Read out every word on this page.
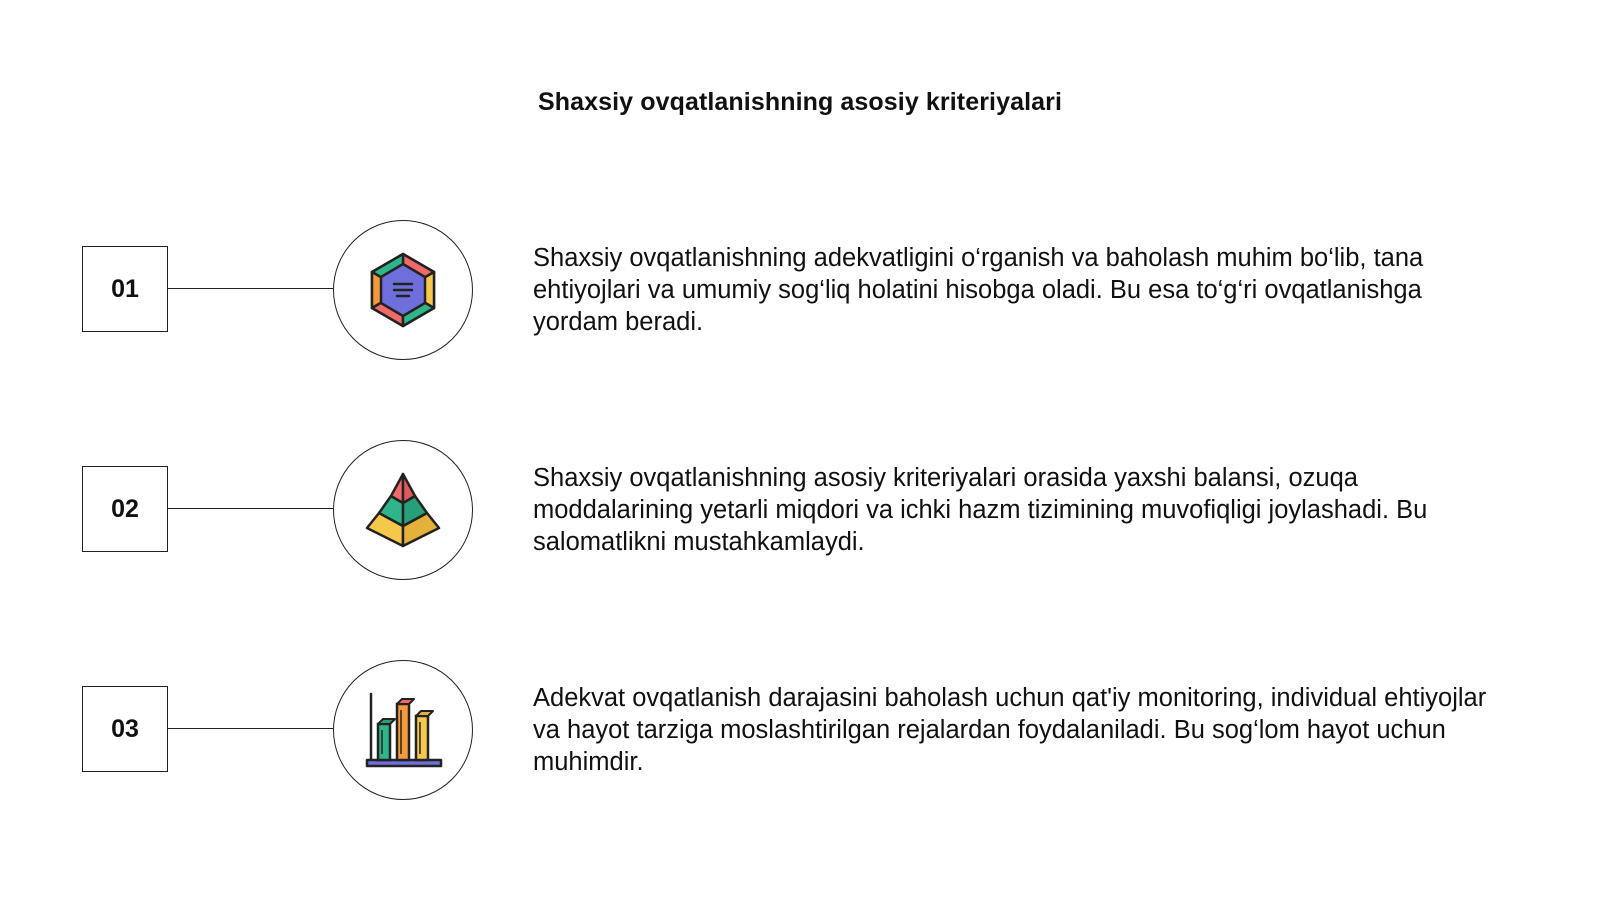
Shaxsiy ovqatlanishning asosiy kriteriyalari
01
Shaxsiy ovqatlanishning adekvatligini o‘rganish va baholash muhim bo‘lib, tana ehtiyojlari va umumiy sog‘liq holatini hisobga oladi. Bu esa to‘g‘ri ovqatlanishga yordam beradi.
02
Shaxsiy ovqatlanishning asosiy kriteriyalari orasida yaxshi balansi, ozuqa moddalarining yetarli miqdori va ichki hazm tizimining muvofiqligi joylashadi. Bu salomatlikni mustahkamlaydi.
03
Adekvat ovqatlanish darajasini baholash uchun qat'iy monitoring, individual ehtiyojlar va hayot tarziga moslashtirilgan rejalardan foydalaniladi. Bu sog‘lom hayot uchun muhimdir.
